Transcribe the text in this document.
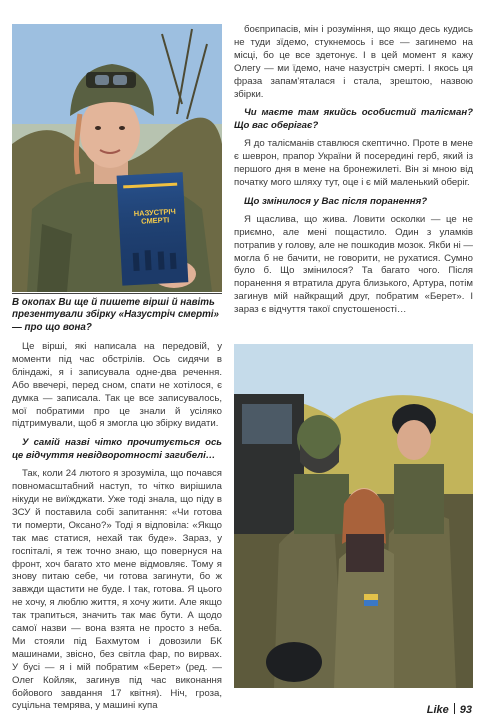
НАЗУСТРІЧ СМЕРТІ
В окопах Ви ще й пишете вірші й навіть презентували збірку «Назустріч смерті» — про що вона?

Це вірші, які написала на передовій, у моменти під час обстрілів. Ось сидячи в бліндажі, я і записувала одне-два речення. Або ввечері, перед сном, спати не хотілося, є думка — записала. Так це все записувалось, мої побратими про це знали й усіляко підтримували, щоб я змогла цю збірку видати.

У самій назві чітко прочитується ось це відчуття невідворотності загибелі…

Так, коли 24 лютого я зрозуміла, що почався повномасштабний наступ, то чітко вирішила нікуди не виїжджати. Уже тоді знала, що піду в ЗСУ й поставила собі запитання: «Чи готова ти померти, Оксано?» Тоді я відповіла: «Якщо так має статися, нехай так буде». Зараз, у госпіталі, я теж точно знаю, що повернуся на фронт, хоч багато хто мене відмовляє. Тому я знову питаю себе, чи готова загинути, бо ж завжди щастити не буде. І так, готова. Я цього не хочу, я люблю життя, я хочу жити. Але якщо так трапиться, значить так має бути. А щодо самої назви — вона взята не просто з неба. Ми стояли під Бахмутом і довозили БК машинами, звісно, без світла фар, по вирвах. У бусі — я і мій побратим «Берет» (ред. — Олег Койляк, загинув під час виконання бойового завдання 17 квітня). Ніч, гроза, суцільна темрява, у машині купа

боєприпасів, мін і розуміння, що якщо десь кудись не туди зїдемо, стукнемось і все — загинемо на місці, бо це все здетонує. І в цей момент я кажу Олегу — ми їдемо, наче назустріч смерті. І якось ця фраза запам'яталася і стала, зрештою, назвою збірки.

Чи маєте там якийсь особистий талісман? Що вас оберігає?

Я до талісманів ставлюся скептично. Проте в мене є шеврон, прапор України й посередині герб, який із першого дня в мене на бронежилеті. Він зі мною від початку мого шляху тут, оце і є мій маленький оберіг.

Що змінилося у Вас після поранення?

Я щаслива, що жива. Ловити осколки — це не приємно, але мені пощастило. Один з уламків потрапив у голову, але не пошкодив мозок. Якби ні — могла б не бачити, не говорити, не рухатися. Сумно було б. Що змінилося? Та багато чого. Після поранення я втратила друга близького, Артура, потім загинув мій найкращий друг, побратим «Берет». І зараз є відчуття такої спустошеності…

Like 93
